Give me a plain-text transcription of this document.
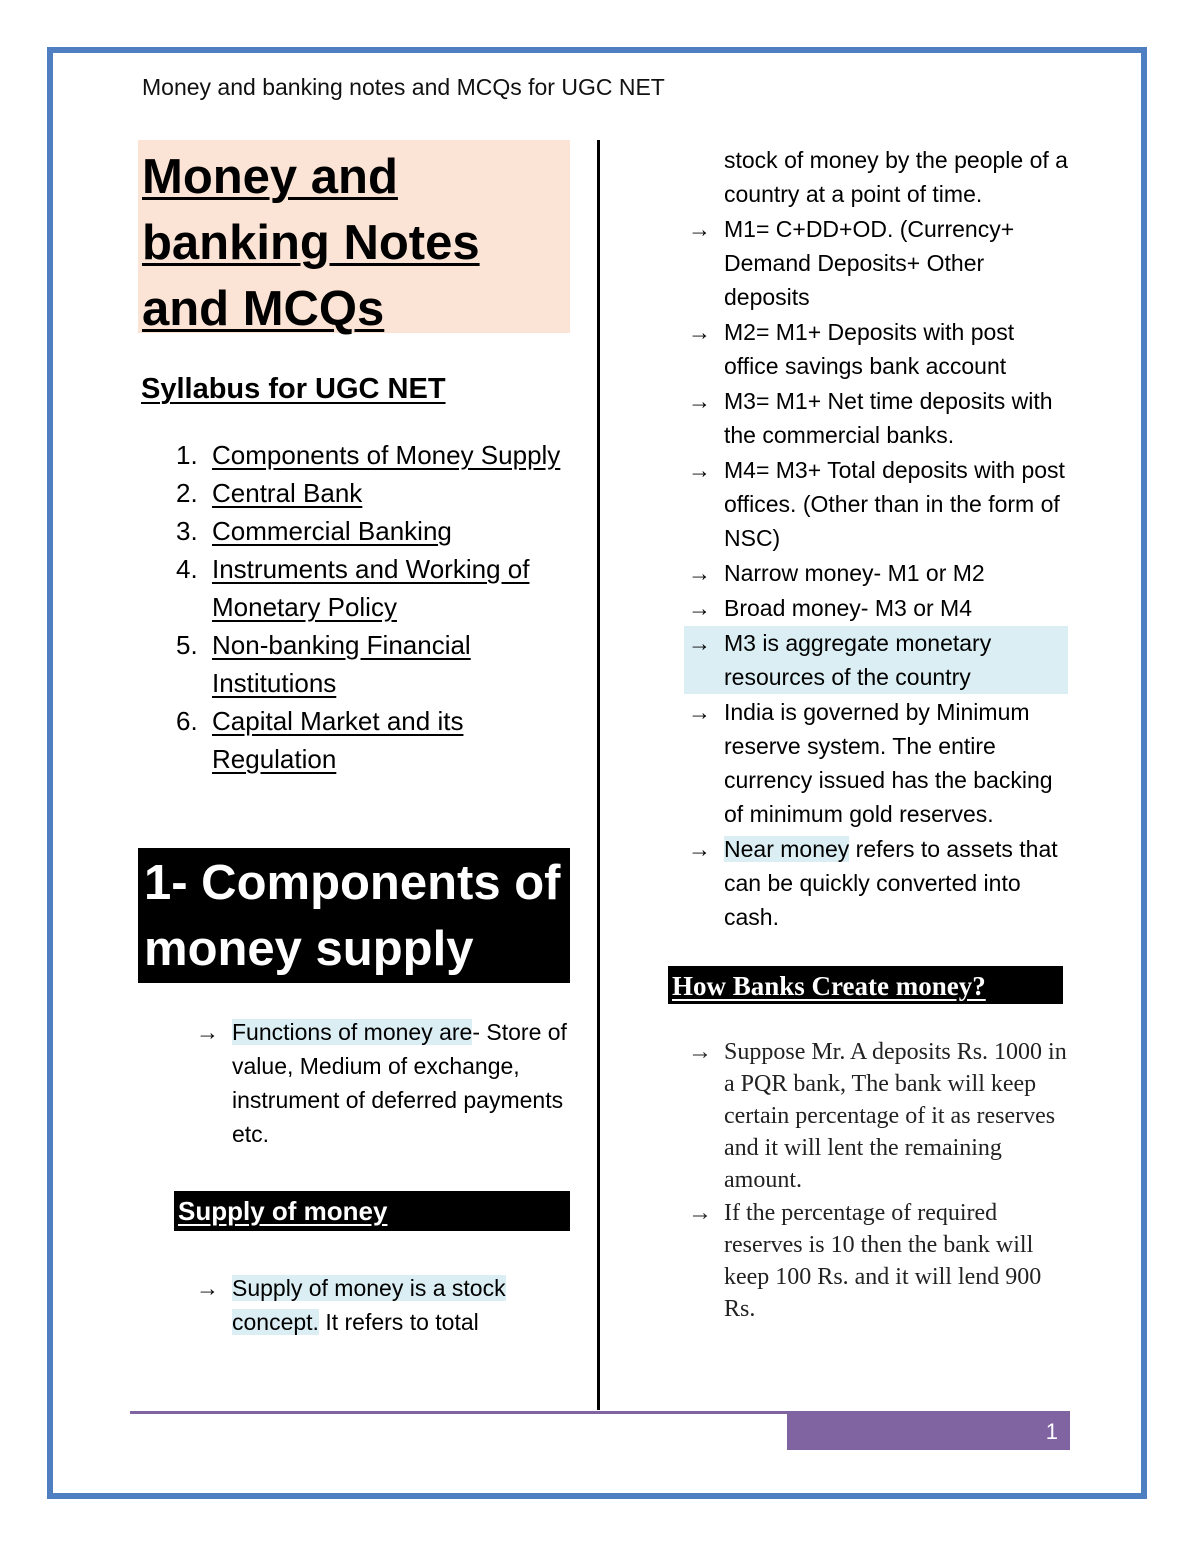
Money and banking notes and MCQs for UGC NET
Money and
banking Notes
and MCQs
Syllabus for UGC NET
1. Components of Money Supply
2. Central Bank
3. Commercial Banking
4. Instruments and Working of Monetary Policy
5. Non-banking Financial Institutions
6. Capital Market and its Regulation
1- Components of
money supply
→ Functions of money are- Store of value, Medium of exchange, instrument of deferred payments etc.
Supply of money
→ Supply of money is a stock concept. It refers to total
stock of money by the people of a country at a point of time.
→ M1= C+DD+OD. (Currency+ Demand Deposits+ Other deposits
→ M2= M1+ Deposits with post office savings bank account
→ M3= M1+ Net time deposits with the commercial banks.
→ M4= M3+ Total deposits with post offices. (Other than in the form of NSC)
→ Narrow money- M1 or M2
→ Broad money- M3 or M4
→ M3 is aggregate monetary resources of the country
→ India is governed by Minimum reserve system. The entire currency issued has the backing of minimum gold reserves.
→ Near money refers to assets that can be quickly converted into cash.
How Banks Create money?
→ Suppose Mr. A deposits Rs. 1000 in a PQR bank, The bank will keep certain percentage of it as reserves and it will lent the remaining amount.
→ If the percentage of required reserves is 10 then the bank will keep 100 Rs. and it will lend 900 Rs.
1
